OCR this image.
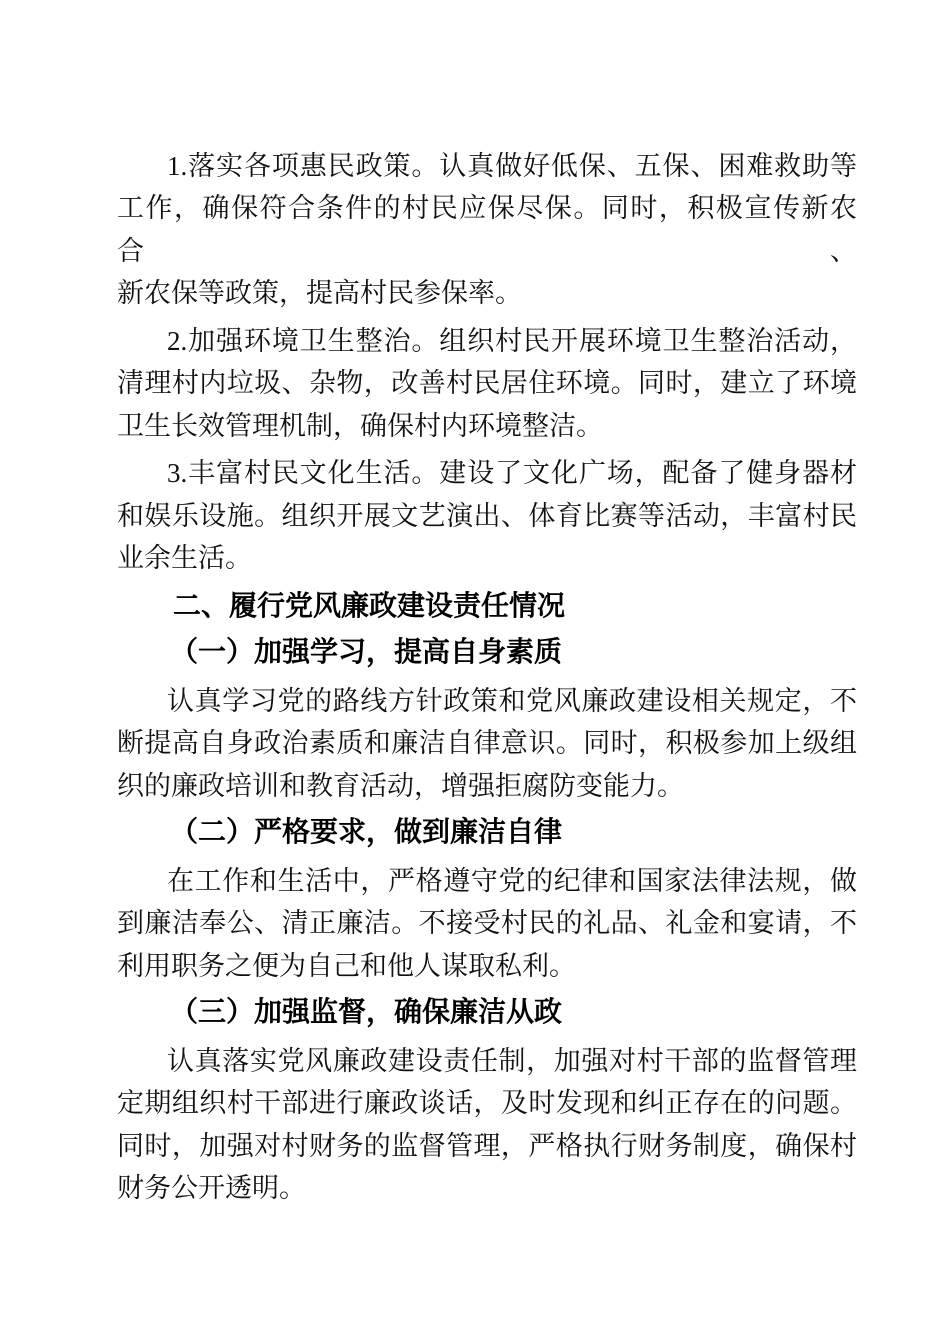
1.落实各项惠民政策。认真做好低保、五保、困难救助等
工作，确保符合条件的村民应保尽保。同时，积极宣传新农合、
新农保等政策，提高村民参保率。
2.加强环境卫生整治。组织村民开展环境卫生整治活动，
清理村内垃圾、杂物，改善村民居住环境。同时，建立了环境
卫生长效管理机制，确保村内环境整洁。
3.丰富村民文化生活。建设了文化广场，配备了健身器材
和娱乐设施。组织开展文艺演出、体育比赛等活动，丰富村民
业余生活。
二、履行党风廉政建设责任情况
（一）加强学习，提高自身素质
认真学习党的路线方针政策和党风廉政建设相关规定，不
断提高自身政治素质和廉洁自律意识。同时，积极参加上级组
织的廉政培训和教育活动，增强拒腐防变能力。
（二）严格要求，做到廉洁自律
在工作和生活中，严格遵守党的纪律和国家法律法规，做
到廉洁奉公、清正廉洁。不接受村民的礼品、礼金和宴请，不
利用职务之便为自己和他人谋取私利。
（三）加强监督，确保廉洁从政
认真落实党风廉政建设责任制，加强对村干部的监督管理
定期组织村干部进行廉政谈话，及时发现和纠正存在的问题。
同时，加强对村财务的监督管理，严格执行财务制度，确保村
财务公开透明。
